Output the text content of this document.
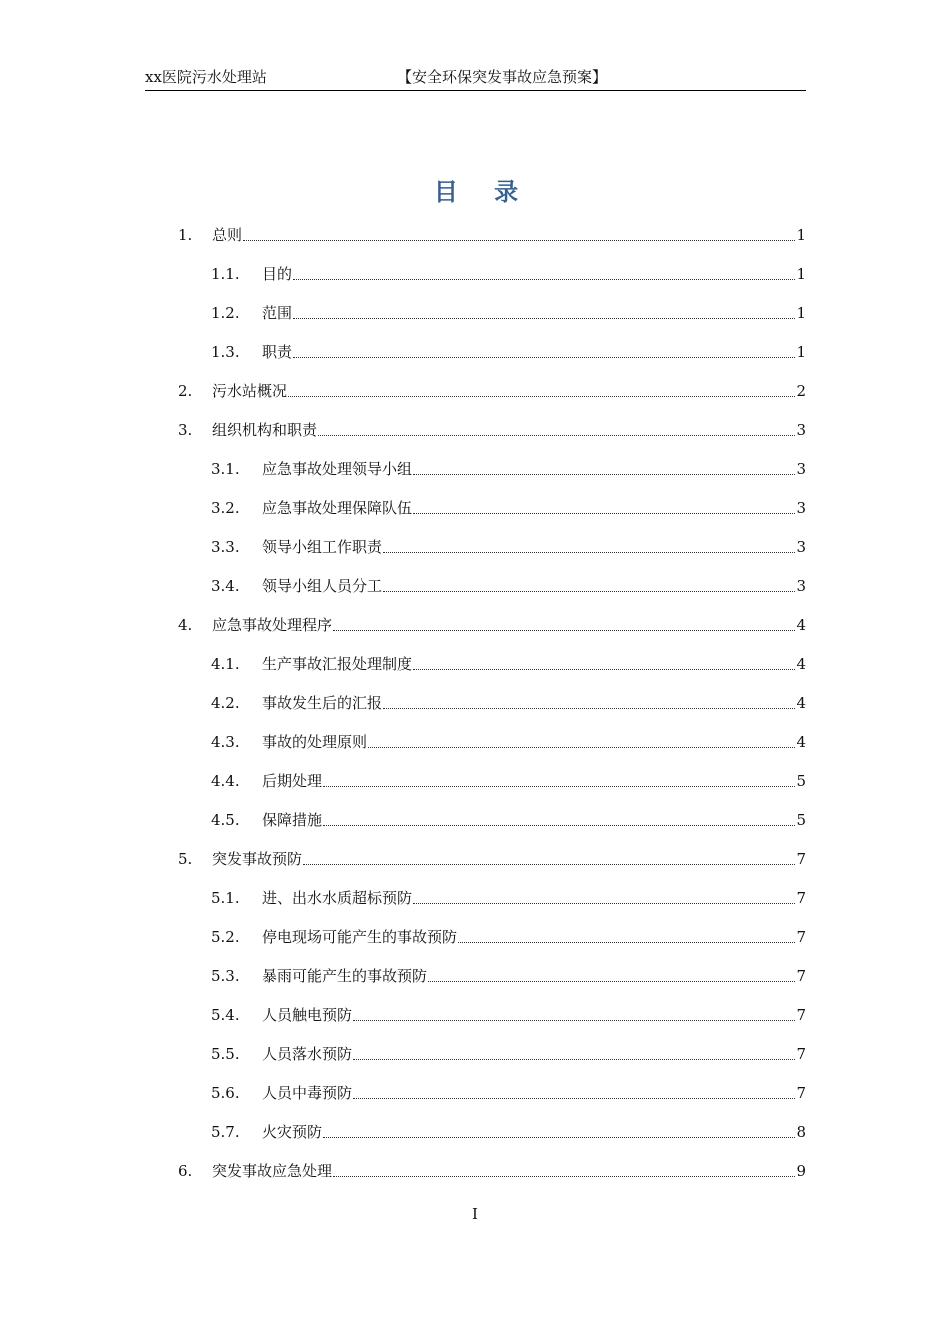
xx医院污水处理站	【安全环保突发事故应急预案】
目 录
1.	总则	1
1.1.	目的	1
1.2.	范围	1
1.3.	职责	1
2.	污水站概况	2
3.	组织机构和职责	3
3.1.	应急事故处理领导小组	3
3.2.	应急事故处理保障队伍	3
3.3.	领导小组工作职责	3
3.4.	领导小组人员分工	3
4.	应急事故处理程序	4
4.1.	生产事故汇报处理制度	4
4.2.	事故发生后的汇报	4
4.3.	事故的处理原则	4
4.4.	后期处理	5
4.5.	保障措施	5
5.	突发事故预防	7
5.1.	进、出水水质超标预防	7
5.2.	停电现场可能产生的事故预防	7
5.3.	暴雨可能产生的事故预防	7
5.4.	人员触电预防	7
5.5.	人员落水预防	7
5.6.	人员中毒预防	7
5.7.	火灾预防	8
6.	突发事故应急处理	9
I
